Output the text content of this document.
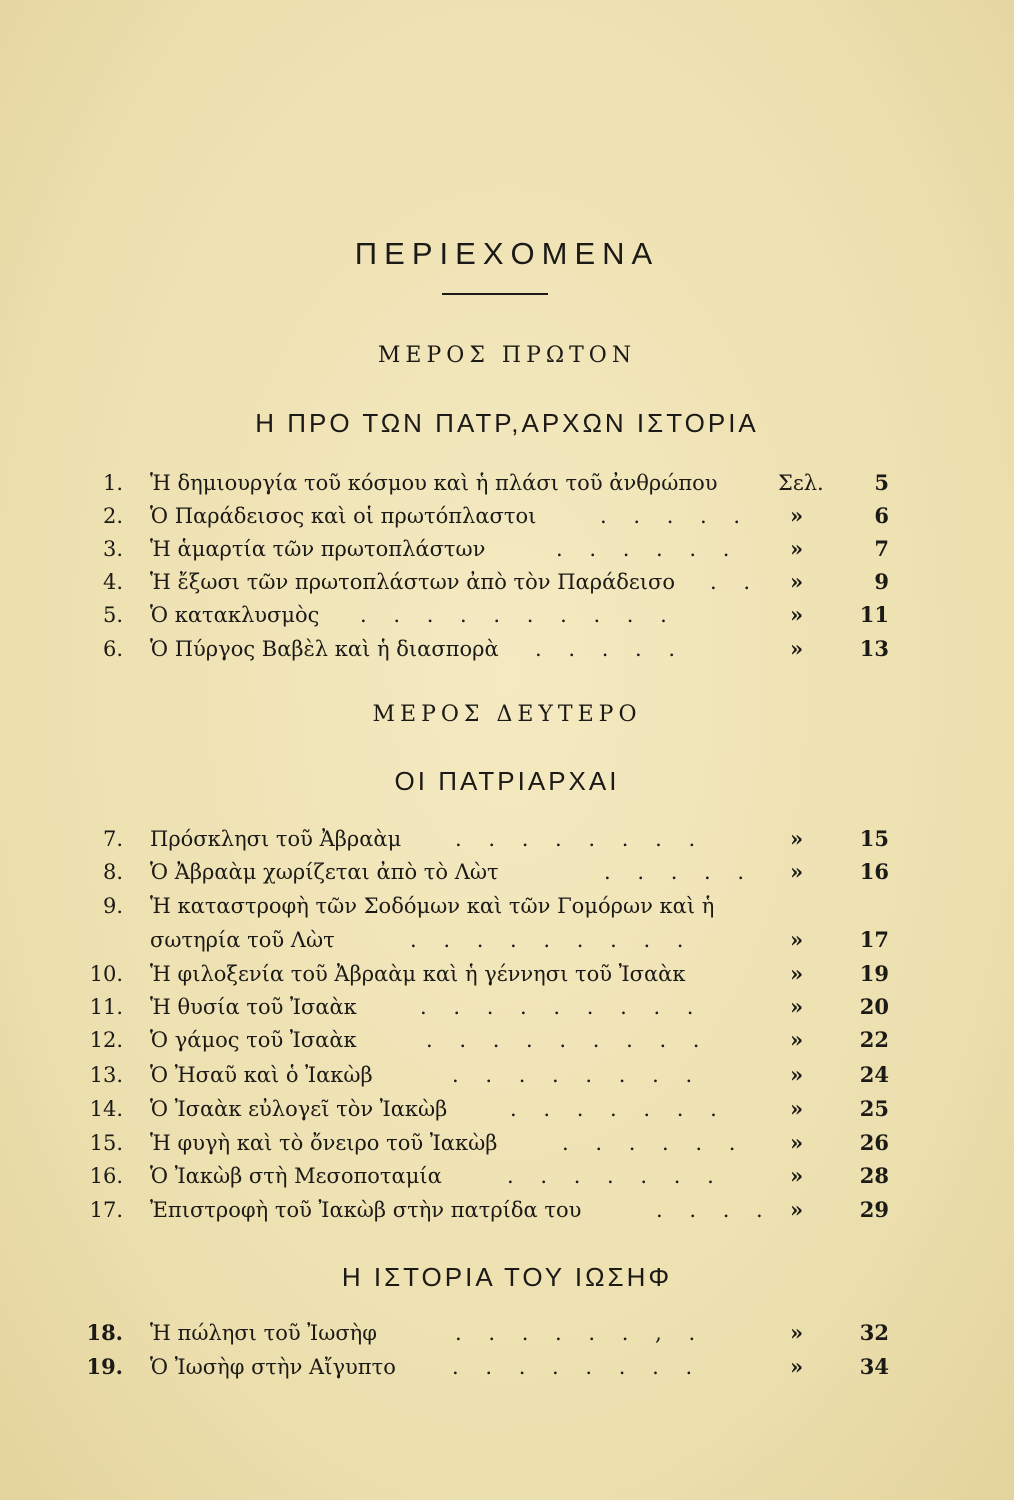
ΠΕΡΙΕΧΟΜΕΝΑ
ΜΕΡΟΣ ΠΡΩΤΟΝ
Η ΠΡΟ ΤΩΝ ΠΑΤΡ,ΑΡΧΩΝ ΙΣΤΟΡΙΑ
1. Ἡ δημιουργία τοῦ κόσμου καὶ ἡ πλάσι τοῦ ἀνθρώπου	Σελ. 5
2. Ὁ Παράδεισος καὶ οἱ πρωτόπλαστοι	. . . . . »	6
3. Ἡ ἁμαρτία τῶν πρωτοπλάστων	. . . . . . »	7
4. Ἡ ἔξωσι τῶν πρωτοπλάστων ἀπὸ τὸν Παράδεισο . . »	9
5. Ὁ κατακλυσμὸς . . . . . . . . . .	»	11
6. Ὁ Πύργος Βαβὲλ καὶ ἡ διασπορὰ . . . . .	»	13
ΜΕΡΟΣ ΔΕΥΤΕΡΟ
ΟΙ ΠΑΤΡΙΑΡΧΑΙ
7. Πρόσκλησι τοῦ Ἀβραὰμ	. . . . . . . .	»	15
8. Ὁ Ἀβραὰμ χωρίζεται ἀπὸ τὸ Λὼτ	. . . . . »	16
9. Ἡ καταστροφὴ τῶν Σοδόμων καὶ τῶν Γομόρων καὶ ἡ
σωτηρία τοῦ Λὼτ	. . . . . . . . .	»	17
10. Ἡ φιλοξενία τοῦ Ἀβραὰμ καὶ ἡ γέννησι τοῦ Ἰσαὰκ	»	19
11. Ἡ θυσία τοῦ Ἰσαὰκ	. . . . . . . . .	»	20
12. Ὁ γάμος τοῦ Ἰσαὰκ	. . . . . . . . .	»	22
13. Ὁ Ἠσαῦ καὶ ὁ Ἰακὼβ	. . . . . . . .	»	24
14. Ὁ Ἰσαὰκ εὐλογεῖ τὸν Ἰακὼβ	. . . . . . .	»	25
15. Ἡ φυγὴ καὶ τὸ ὄνειρο τοῦ Ἰακὼβ	. . . . . . »	26
16. Ὁ Ἰακὼβ στὴ Μεσοποταμία	. . . . . . .	»	28
17. Ἐπιστροφὴ τοῦ Ἰακὼβ στὴν πατρίδα του	. . . . »	29
Η ΙΣΤΟΡΙΑ ΤΟΥ ΙΩΣΗΦ
18. Ἡ πώλησι τοῦ Ἰωσὴφ	. . . . . . , .	»	32
19. Ὁ Ἰωσὴφ στὴν Αἴγυπτο	. . . . . . . .	»	34
